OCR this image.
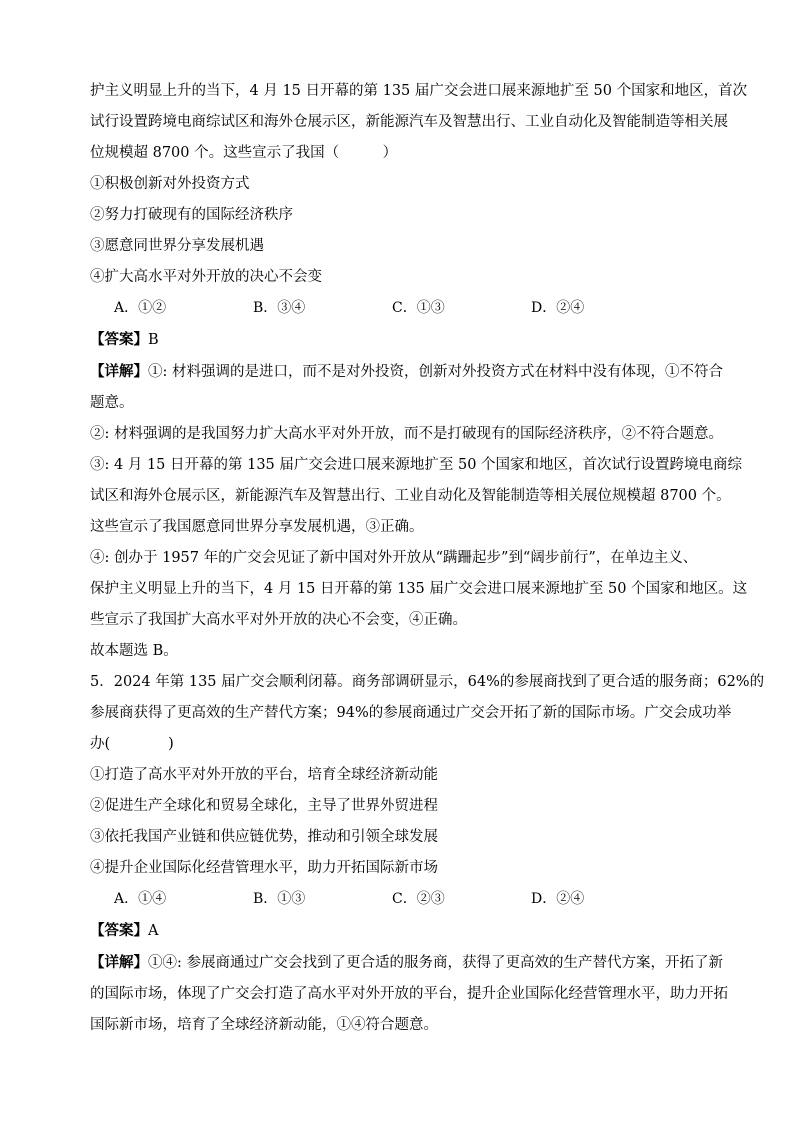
护主义明显上升的当下，4 月 15 日开幕的第 135 届广交会进口展来源地扩至 50 个国家和地区，首次

试行设置跨境电商综试区和海外仓展示区，新能源汽车及智慧出行、工业自动化及智能制造等相关展

位规模超 8700 个。这些宣示了我国（　　　）

①积极创新对外投资方式

②努力打破现有的国际经济秩序

③愿意同世界分享发展机遇

④扩大高水平对外开放的决心不会变

A．①②	B．③④	C．①③	D．②④

【答案】B

【详解】①: 材料强调的是进口，而不是对外投资，创新对外投资方式在材料中没有体现，①不符合

题意。

②: 材料强调的是我国努力扩大高水平对外开放，而不是打破现有的国际经济秩序，②不符合题意。

③: 4 月 15 日开幕的第 135 届广交会进口展来源地扩至 50 个国家和地区，首次试行设置跨境电商综

试区和海外仓展示区，新能源汽车及智慧出行、工业自动化及智能制造等相关展位规模超 8700 个。

这些宣示了我国愿意同世界分享发展机遇，③正确。

④: 创办于 1957 年的广交会见证了新中国对外开放从“蹒跚起步”到“阔步前行”，在单边主义、

保护主义明显上升的当下，4 月 15 日开幕的第 135 届广交会进口展来源地扩至 50 个国家和地区。这

些宣示了我国扩大高水平对外开放的决心不会变，④正确。

故本题选 B。

5．2024 年第 135 届广交会顺利闭幕。商务部调研显示，64%的参展商找到了更合适的服务商；62%的

参展商获得了更高效的生产替代方案；94%的参展商通过广交会开拓了新的国际市场。广交会成功举

办(　　　　)

①打造了高水平对外开放的平台，培育全球经济新动能

②促进生产全球化和贸易全球化，主导了世界外贸进程

③依托我国产业链和供应链优势，推动和引领全球发展

④提升企业国际化经营管理水平，助力开拓国际新市场

A．①④	B．①③	C．②③	D．②④

【答案】A

【详解】①④: 参展商通过广交会找到了更合适的服务商，获得了更高效的生产替代方案，开拓了新

的国际市场，体现了广交会打造了高水平对外开放的平台，提升企业国际化经营管理水平，助力开拓

国际新市场，培育了全球经济新动能，①④符合题意。
